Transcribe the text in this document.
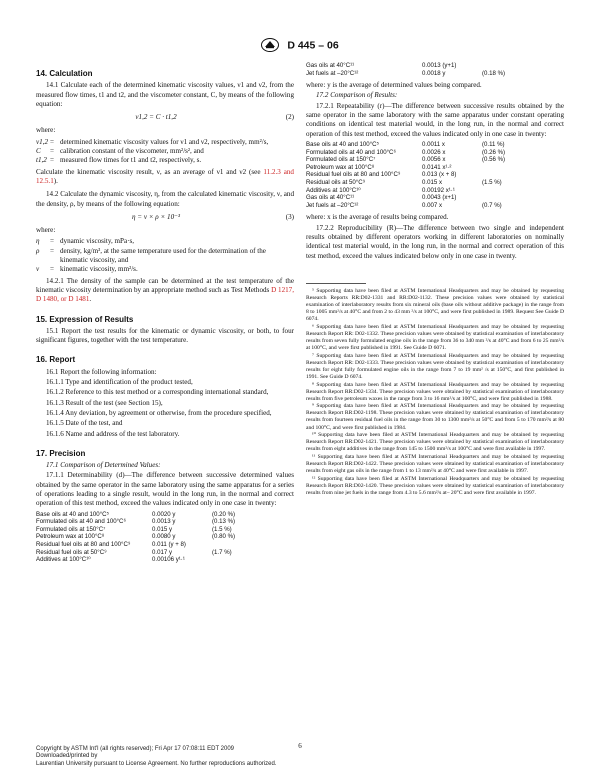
D 445 – 06
14. Calculation

14.1 Calculate each of the determined kinematic viscosity values, ν1 and ν2, from the measured flow times, t1 and t2, and the viscometer constant, C, by means of the following equation:

ν1,2 = C · t1,2	(2)

where:

ν1,2 = determined kinematic viscosity values for ν1 and ν2, respectively, mm²/s,
C	= calibration constant of the viscometer, mm²/s², and
t1,2 = measured flow times for t1 and t2, respectively, s.

Calculate the kinematic viscosity result, ν, as an average of ν1 and ν2 (see 11.2.3 and 12.5.1).

14.2 Calculate the dynamic viscosity, η, from the calculated kinematic viscosity, ν, and the density, ρ, by means of the following equation:

η = ν × ρ × 10⁻³	(3)

where:

η	= dynamic viscosity, mPa·s,
ρ	= density, kg/m³, at the same temperature used for the determination of the kinematic viscosity, and
ν	= kinematic viscosity, mm²/s.

14.2.1 The density of the sample can be determined at the test temperature of the kinematic viscosity determination by an appropriate method such as Test Methods D 1217, D 1480, or D 1481.

15. Expression of Results

15.1 Report the test results for the kinematic or dynamic viscosity, or both, to four significant figures, together with the test temperature.

16. Report

16.1 Report the following information:

16.1.1 Type and identification of the product tested,

16.1.2 Reference to this test method or a corresponding international standard,

16.1.3 Result of the test (see Section 15),

16.1.4 Any deviation, by agreement or otherwise, from the procedure specified,

16.1.5 Date of the test, and

16.1.6 Name and address of the test laboratory.

17. Precision

17.1 Comparison of Determined Values:

17.1.1 Determinability (d)—The difference between successive determined values obtained by the same operator in the same laboratory using the same apparatus for a series of operations leading to a single result, would in the long run, in the normal and correct operation of this test method, exceed the values indicated only in one case in twenty:

Base oils at 40 and 100°C⁵	0.0020 y	(0.20 %)
Formulated oils at 40 and 100°C⁶	0.0013 y	(0.13 %)
Formulated oils at 150°C⁷	0.015 y	(1.5 %)
Petroleum wax at 100°C⁸	0.0080 y	(0.80 %)
Residual fuel oils at 80 and 100°C⁹	0.011 (y + 8)	
Residual fuel oils at 50°C⁹	0.017 y	(1.7 %)
Additives at 100°C¹⁰	0.00106 y¹·¹	
Gas oils at 40°C¹¹	0.0013 (y+1)	
Jet fuels at –20°C¹²	0.0018 y	(0.18 %)

where: y is the average of determined values being compared.

17.2 Comparison of Results:

17.2.1 Repeatability (r)—The difference between successive results obtained by the same operator in the same laboratory with the same apparatus under constant operating conditions on identical test material would, in the long run, in the normal and correct operation of this test method, exceed the values indicated only in one case in twenty:

Base oils at 40 and 100°C⁵	0.0011 x	(0.11 %)
Formulated oils at 40 and 100°C⁶	0.0026 x	(0.26 %)
Formulated oils at 150°C⁷	0.0056 x	(0.56 %)
Petroleum wax at 100°C⁸	0.0141 x¹·²	
Residual fuel oils at 80 and 100°C⁹	0.013 (x + 8)	
Residual oils at 50°C⁹	0.015 x	(1.5 %)
Additives at 100°C¹⁰	0.00192 x¹·¹	
Gas oils at 40°C¹¹	0.0043 (x+1)	
Jet fuels at –20°C¹²	0.007 x	(0.7 %)

where: x is the average of results being compared.

17.2.2 Reproducibility (R)—The difference between two single and independent results obtained by different operators working in different laboratories on nominally identical test material would, in the long run, in the normal and correct operation of this test method, exceed the values indicated below only in one case in twenty.

⁵ Supporting data have been filed at ASTM International Headquarters and may be obtained by requesting Research Reports RR:D02-1331 and RR:D02-1132. These precision values were obtained by statistical examination of interlaboratory results from six mineral oils (base oils without additive package) in the range from 8 to 1005 mm²/s at 40°C and from 2 to 43 mm ²/s at 100°C, and were first published in 1989. Request See Guide D 6074.

⁶ Supporting data have been filed at ASTM International Headquarters and may be obtained by requesting Research Report RR: D02-1332. These precision values were obtained by statistical examination of interlaboratory results from seven fully formulated engine oils in the range from 36 to 340 mm ²/s at 40°C and from 6 to 25 mm²/s at 100°C, and were first published in 1991. See Guide D 6071.

⁷ Supporting data have been filed at ASTM International Headquarters and may be obtained by requesting Research Report RR: D02-1333. These precision values were obtained by statistical examination of interlaboratory results for eight fully formulated engine oils in the range from 7 to 19 mm² /s at 150°C, and first published in 1991. See Guide D 6074.

⁸ Supporting data have been filed at ASTM International Headquarters and may be obtained by requesting Research Report RR:D02-1334. These precision values were obtained by statistical examination of interlaboratory results from five petroleum waxes in the range from 3 to 16 mm²/s at 100°C, and were first published in 1988.

⁹ Supporting data have been filed at ASTM International Headquarters and may be obtained by requesting Research Report RR:D02-1198. These precision values were obtained by statistical examination of interlaboratory results from fourteen residual fuel oils in the range from 30 to 1300 mm²/s at 50°C and from 5 to 170 mm²/s at 80 and 100°C, and were first published in 1984.

¹⁰ Supporting data have been filed at ASTM International Headquarters and may be obtained by requesting Research Report RR:D02-1421. These precision values were obtained by statistical examination of interlaboratory results from eight additives in the range from 145 to 1500 mm²/s at 100°C and were first available in 1997.

¹¹ Supporting data have been filed at ASTM International Headquarters and may be obtained by requesting Research Report RR:D02-1422. These precision values were obtained by statistical examination of interlaboratory results from eight gas oils in the range from 1 to 13 mm²/s at 40°C and were first available in 1997.

¹² Supporting data have been filed at ASTM International Headquarters and may be obtained by requesting Research Report RR:D02-1420. These precision values were obtained by statistical examination of interlaboratory results from nine jet fuels in the range from 4.3 to 5.6 mm²/s at– 20°C and were first available in 1997.

6
Copyright by ASTM Int'l (all rights reserved); Fri Apr 17 07:08:11 EDT 2009
Downloaded/printed by
Laurentian University pursuant to License Agreement. No further reproductions authorized.
